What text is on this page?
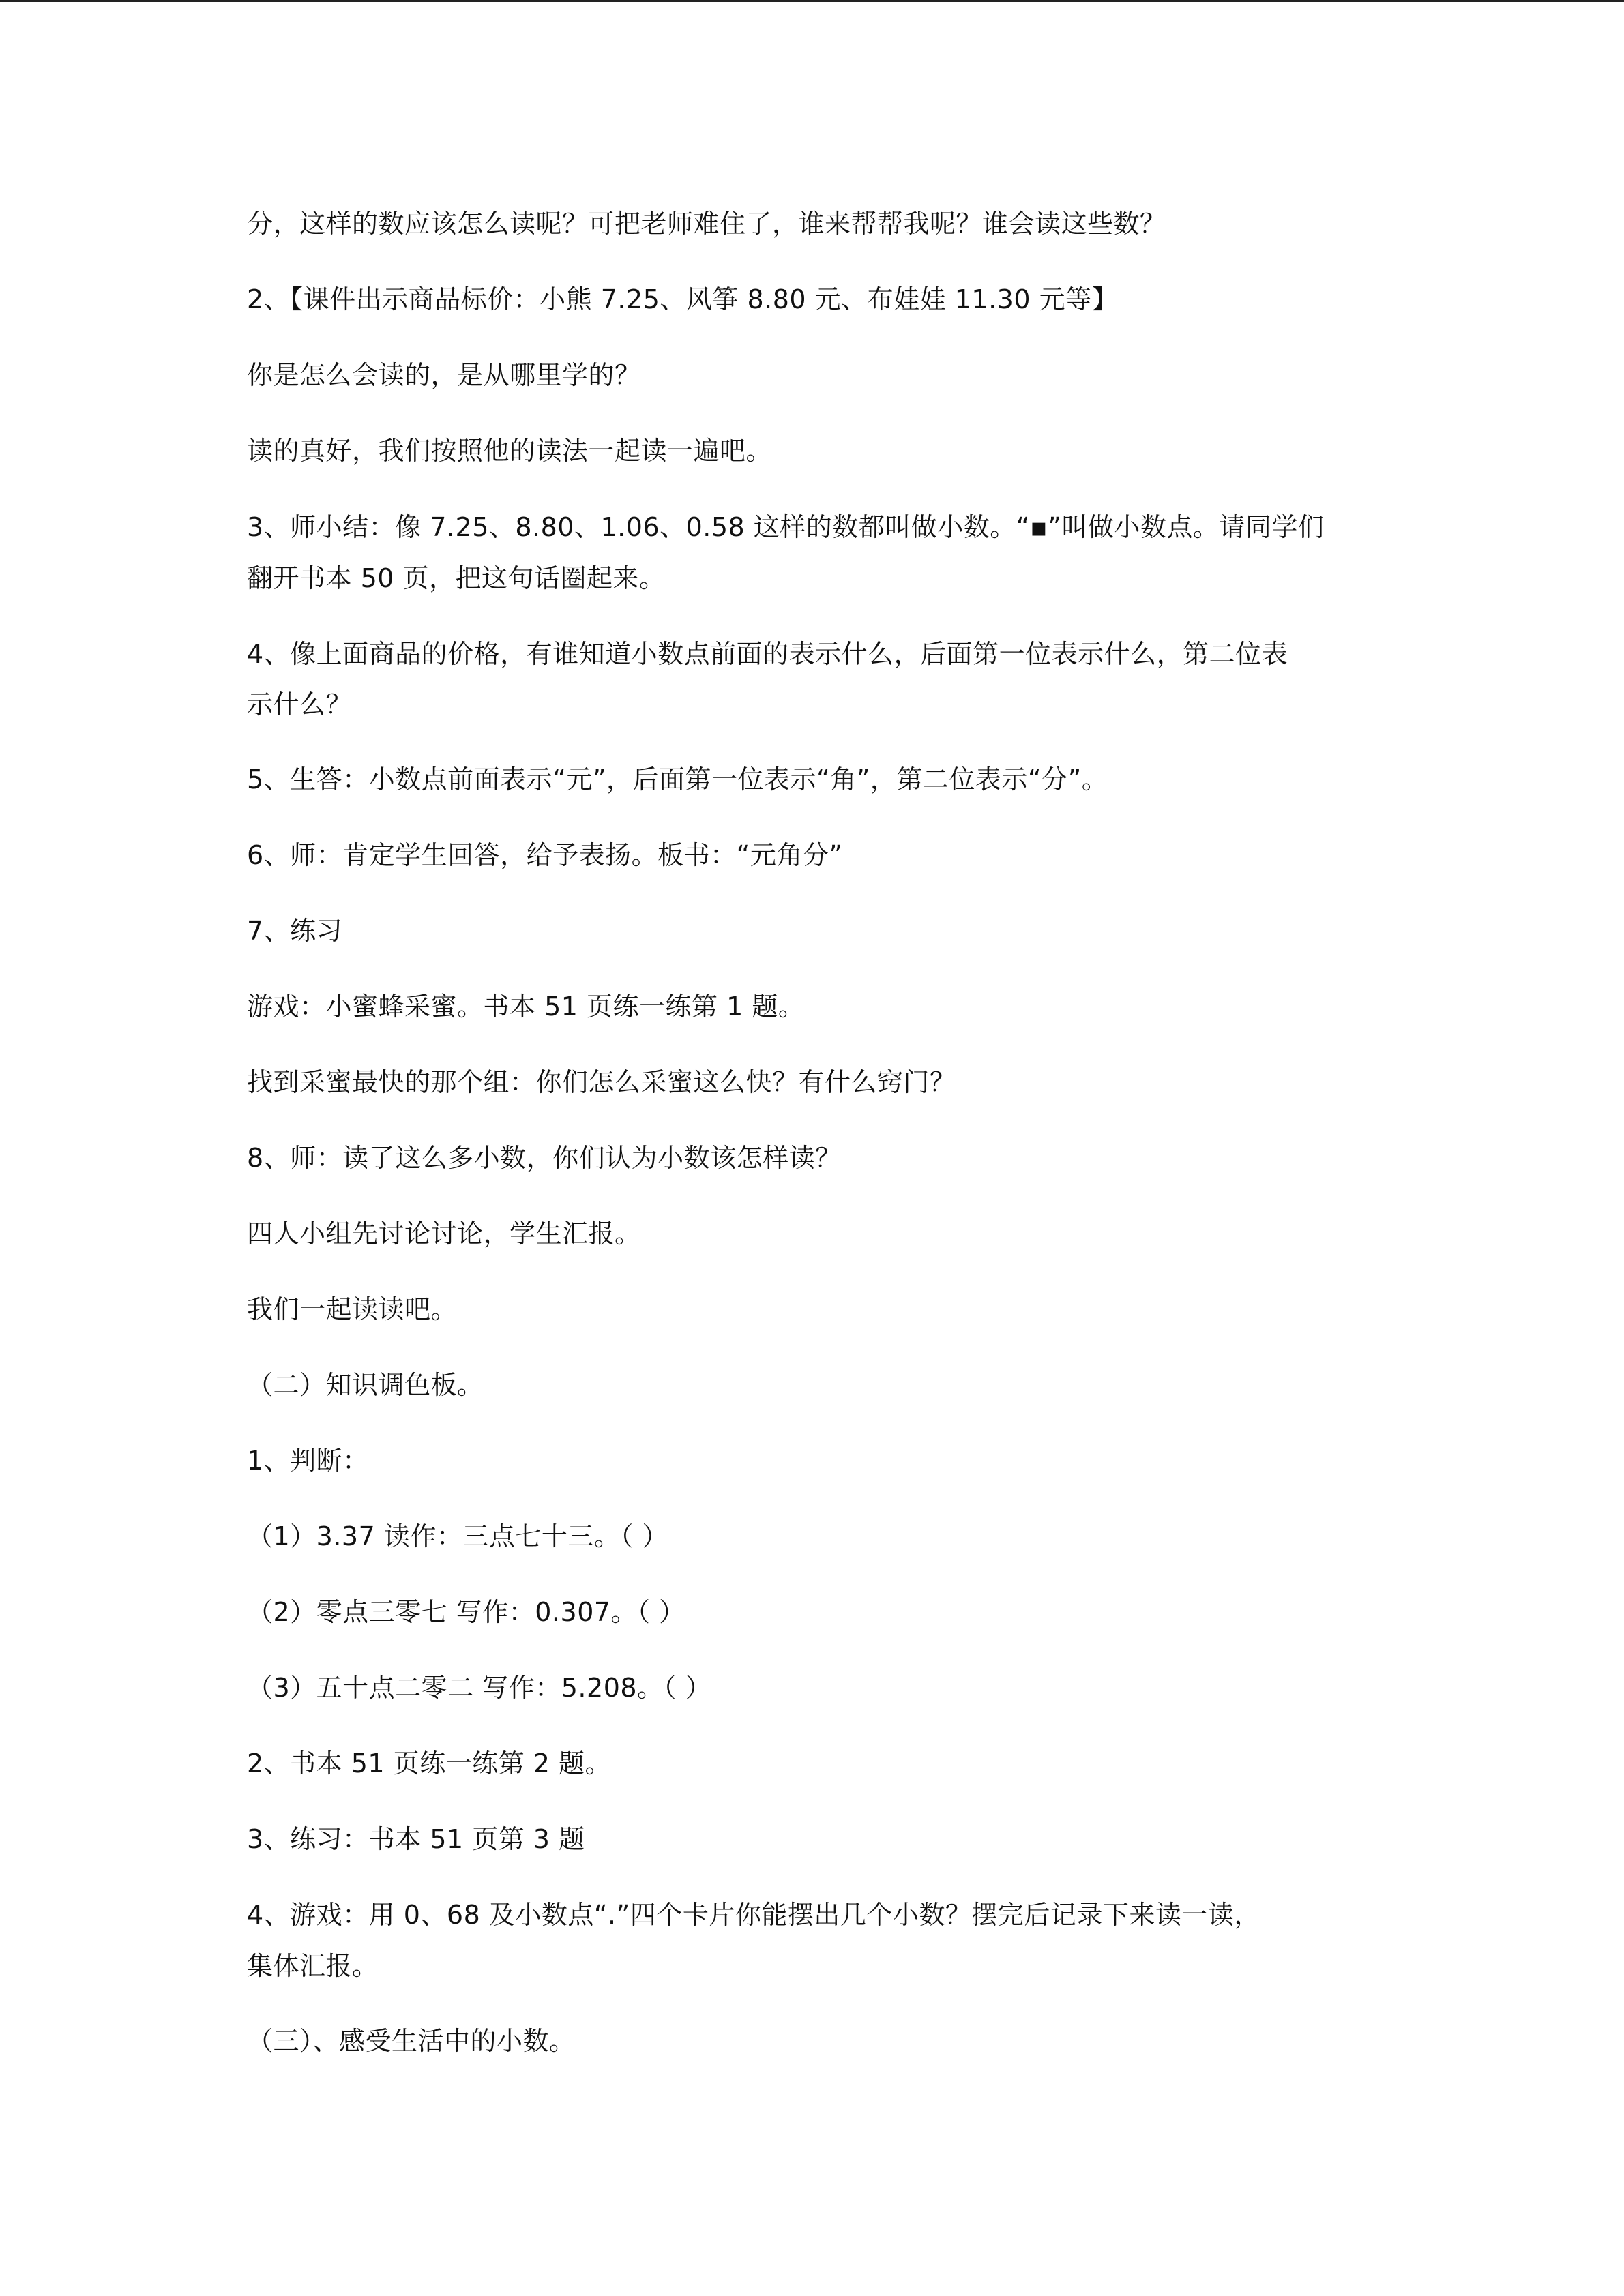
分，这样的数应该怎么读呢？可把老师难住了，谁来帮帮我呢？谁会读这些数？
2、【课件出示商品标价：小熊 7.25、风筝 8.80 元、布娃娃 11.30 元等】
你是怎么会读的，是从哪里学的？
读的真好，我们按照他的读法一起读一遍吧。
3、师小结：像 7.25、8.80、1.06、0.58 这样的数都叫做小数。“▪”叫做小数点。请同学们
翻开书本 50 页，把这句话圈起来。
4、像上面商品的价格，有谁知道小数点前面的表示什么，后面第一位表示什么，第二位表
示什么？
5、生答：小数点前面表示“元”，后面第一位表示“角”，第二位表示“分”。
6、师：肯定学生回答，给予表扬。板书：“元角分”
7、练习
游戏：小蜜蜂采蜜。书本 51 页练一练第 1 题。
找到采蜜最快的那个组：你们怎么采蜜这么快？有什么窍门？
8、师：读了这么多小数，你们认为小数该怎样读？
四人小组先讨论讨论，学生汇报。
我们一起读读吧。
（二）知识调色板。
1、判断：
（1）3.37 读作：三点七十三。（ ）
（2）零点三零七 写作：0.307。（ ）
（3）五十点二零二 写作：5.208。（ ）
2、书本 51 页练一练第 2 题。
3、练习：书本 51 页第 3 题
4、游戏：用 0、68 及小数点“.”四个卡片你能摆出几个小数？摆完后记录下来读一读，
集体汇报。
（三）、感受生活中的小数。
